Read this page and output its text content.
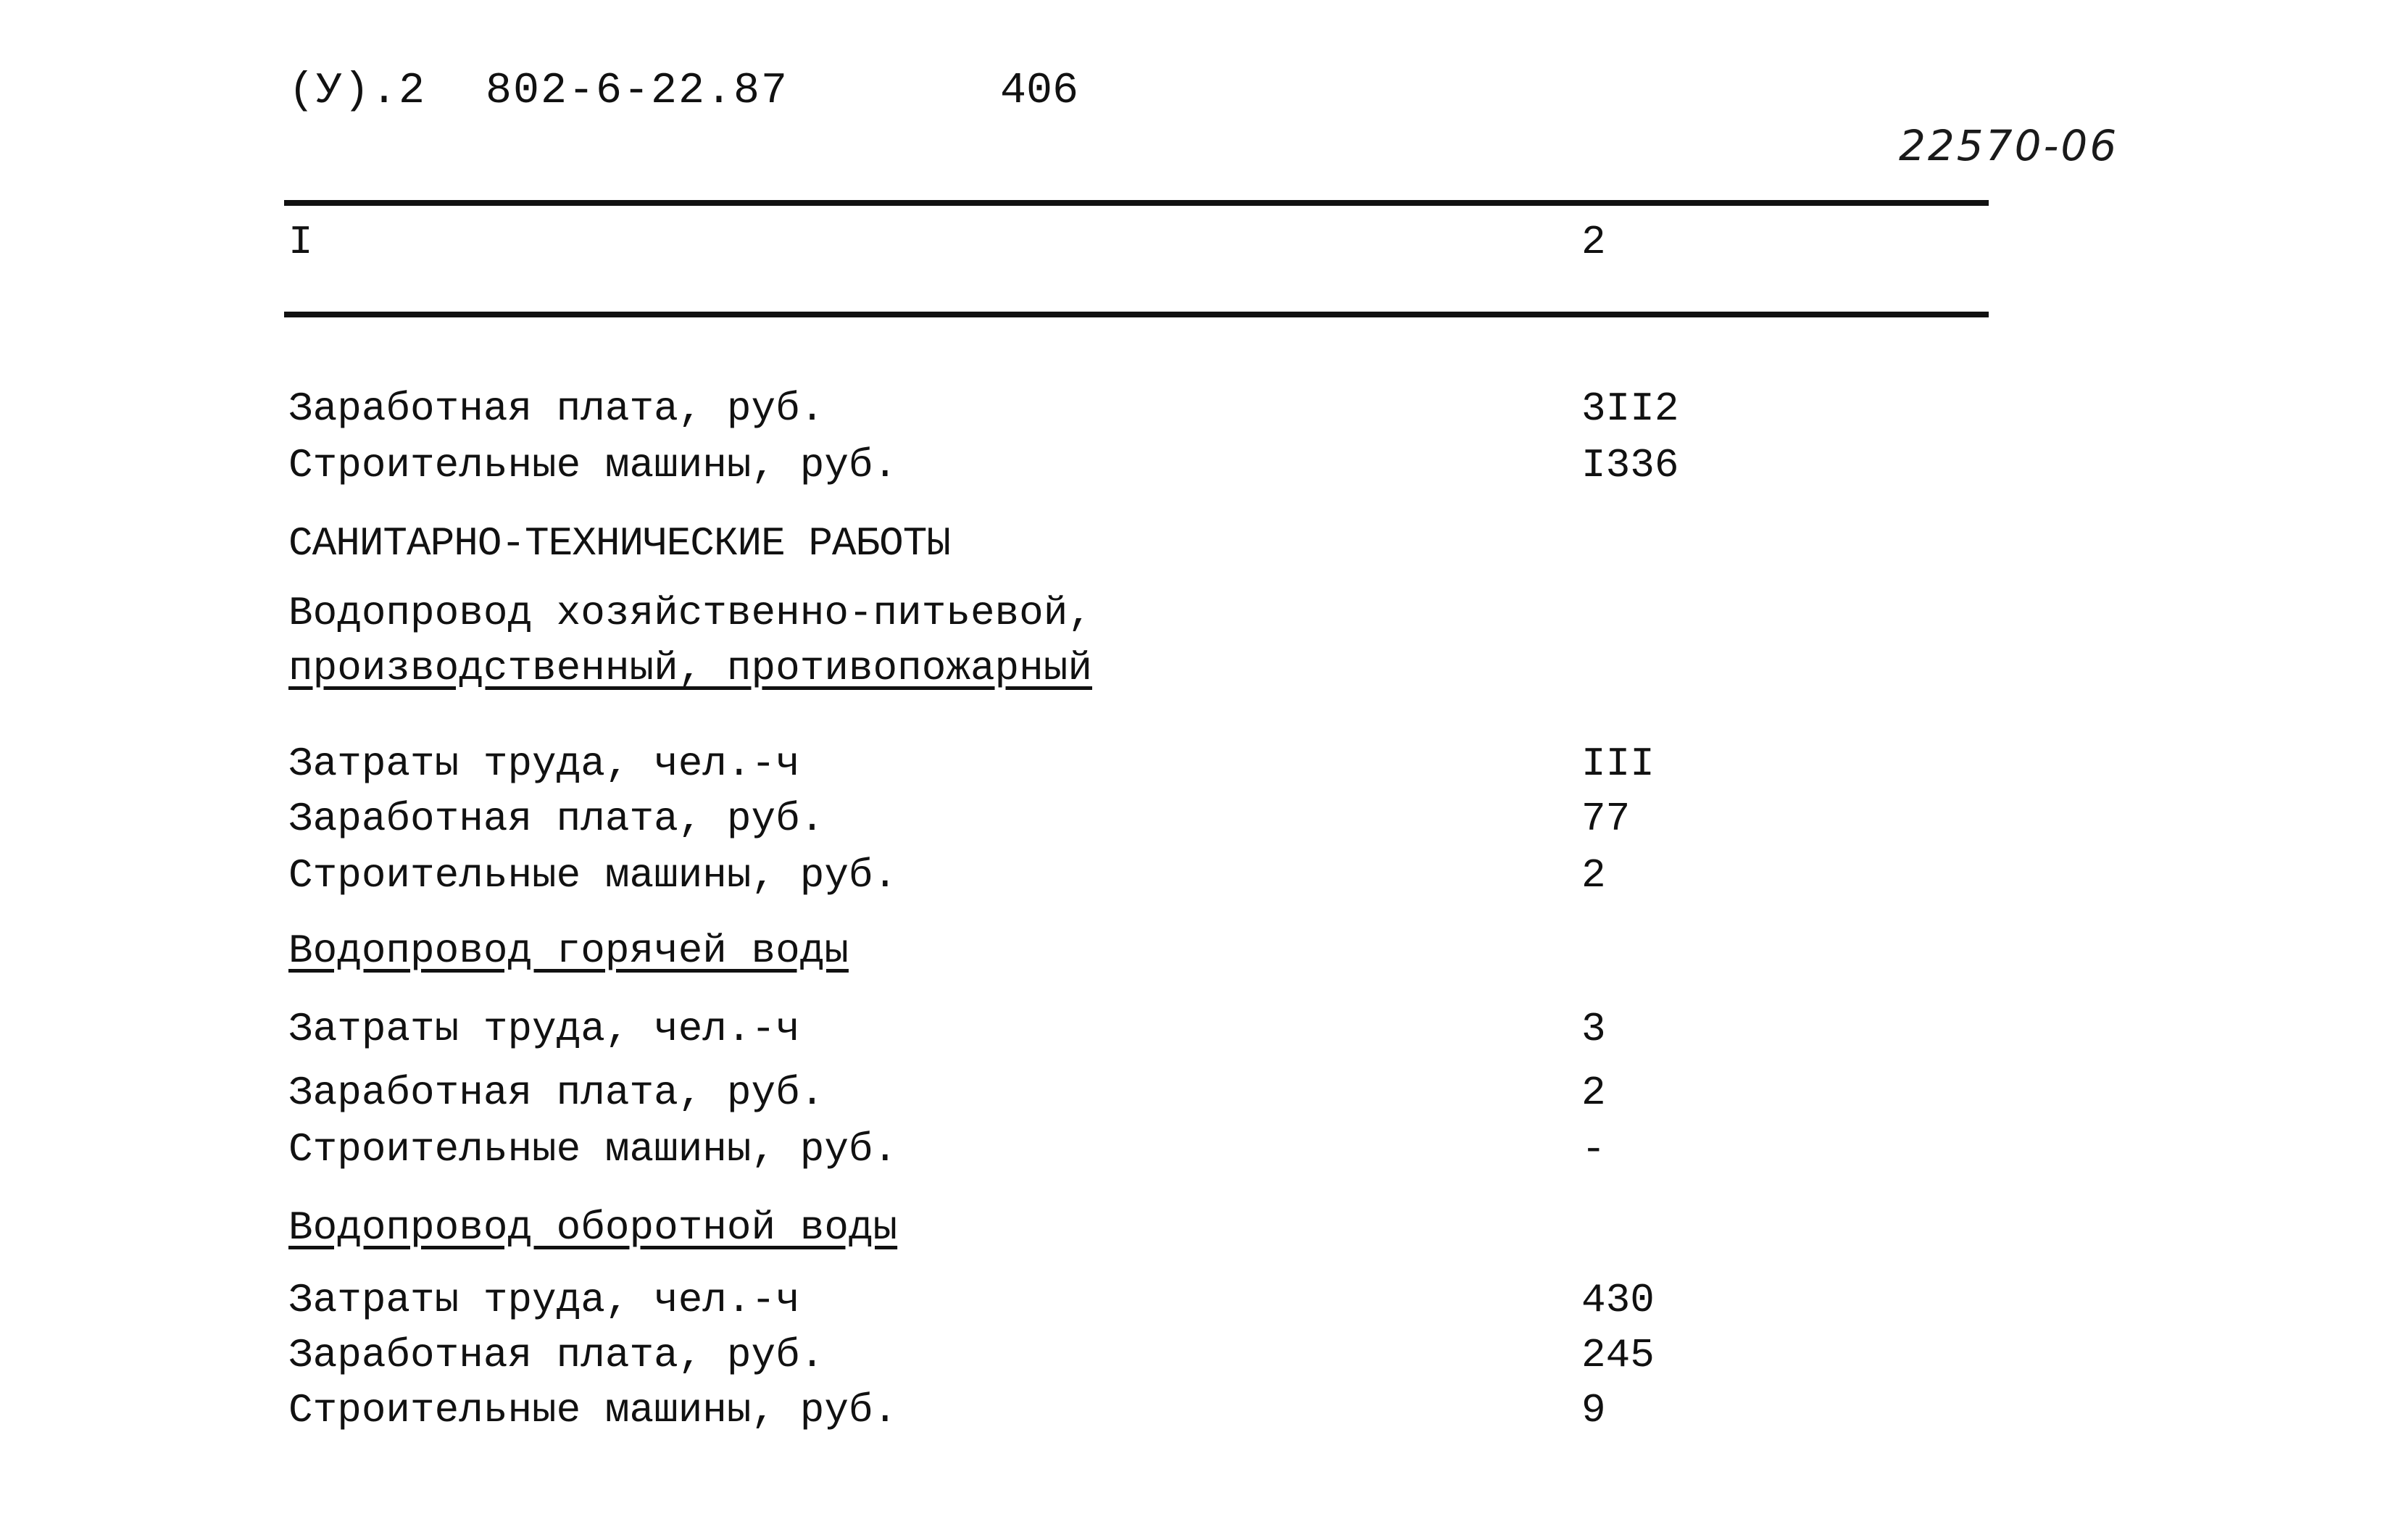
(У).2 802-6-22.87	406
22570-06
I	2
Заработная плата, руб.	3II2
Строительные машины, руб.	I336
САНИТАРНО-ТЕХНИЧЕСКИЕ РАБОТЫ
Водопровод хозяйственно-питьевой,
производственный, противопожарный
Затраты труда, чел.-ч	III
Заработная плата, руб.	77
Строительные машины, руб.	2
Водопровод горячей воды
Затраты труда, чел.-ч	3
Заработная плата, руб.	2
Строительные машины, руб.	-
Водопровод оборотной воды
Затраты труда, чел.-ч	430
Заработная плата, руб.	245
Строительные машины, руб.	9
